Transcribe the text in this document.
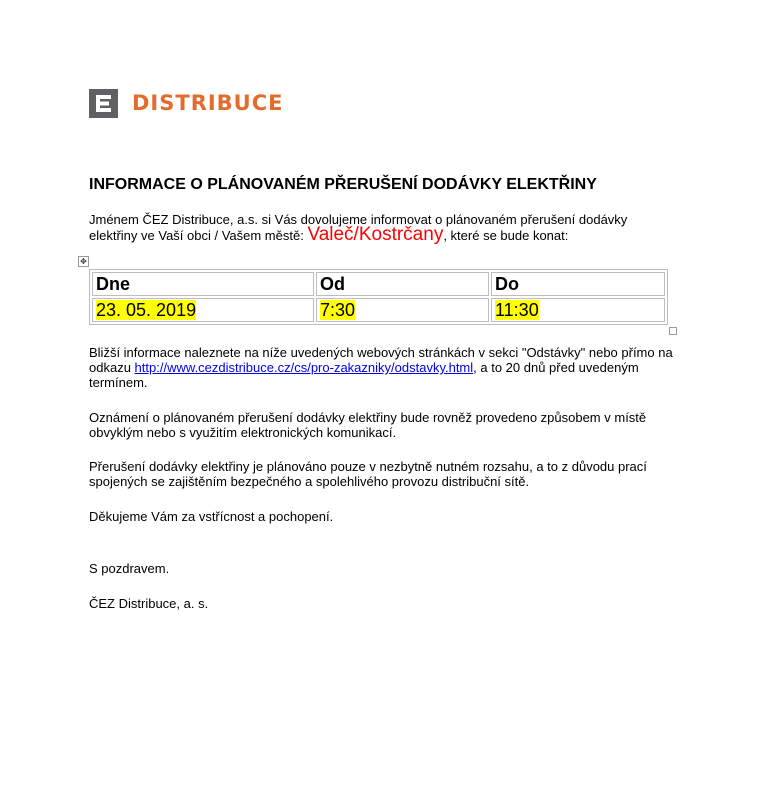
DISTRIBUCE
INFORMACE O PLÁNOVANÉM PŘERUŠENÍ DODÁVKY ELEKTŘINY
Jménem ČEZ Distribuce, a.s. si Vás dovolujeme informovat o plánovaném přerušení dodávky
elektřiny ve Vaší obci / Vašem městě: Valeč/Kostrčany, které se bude konat:
✥
Dne	Od	Do
23. 05. 2019	7:30	11:30
Bližší informace naleznete na níže uvedených webových stránkách v sekci "Odstávky" nebo přímo na
odkazu http://www.cezdistribuce.cz/cs/pro-zakazniky/odstavky.html, a to 20 dnů před uvedeným
termínem.
Oznámení o plánovaném přerušení dodávky elektřiny bude rovněž provedeno způsobem v místě
obvyklým nebo s využitím elektronických komunikací.
Přerušení dodávky elektřiny je plánováno pouze v nezbytně nutném rozsahu, a to z důvodu prací
spojených se zajištěním bezpečného a spolehlivého provozu distribuční sítě.
Děkujeme Vám za vstřícnost a pochopení.
S pozdravem.
ČEZ Distribuce, a. s.
